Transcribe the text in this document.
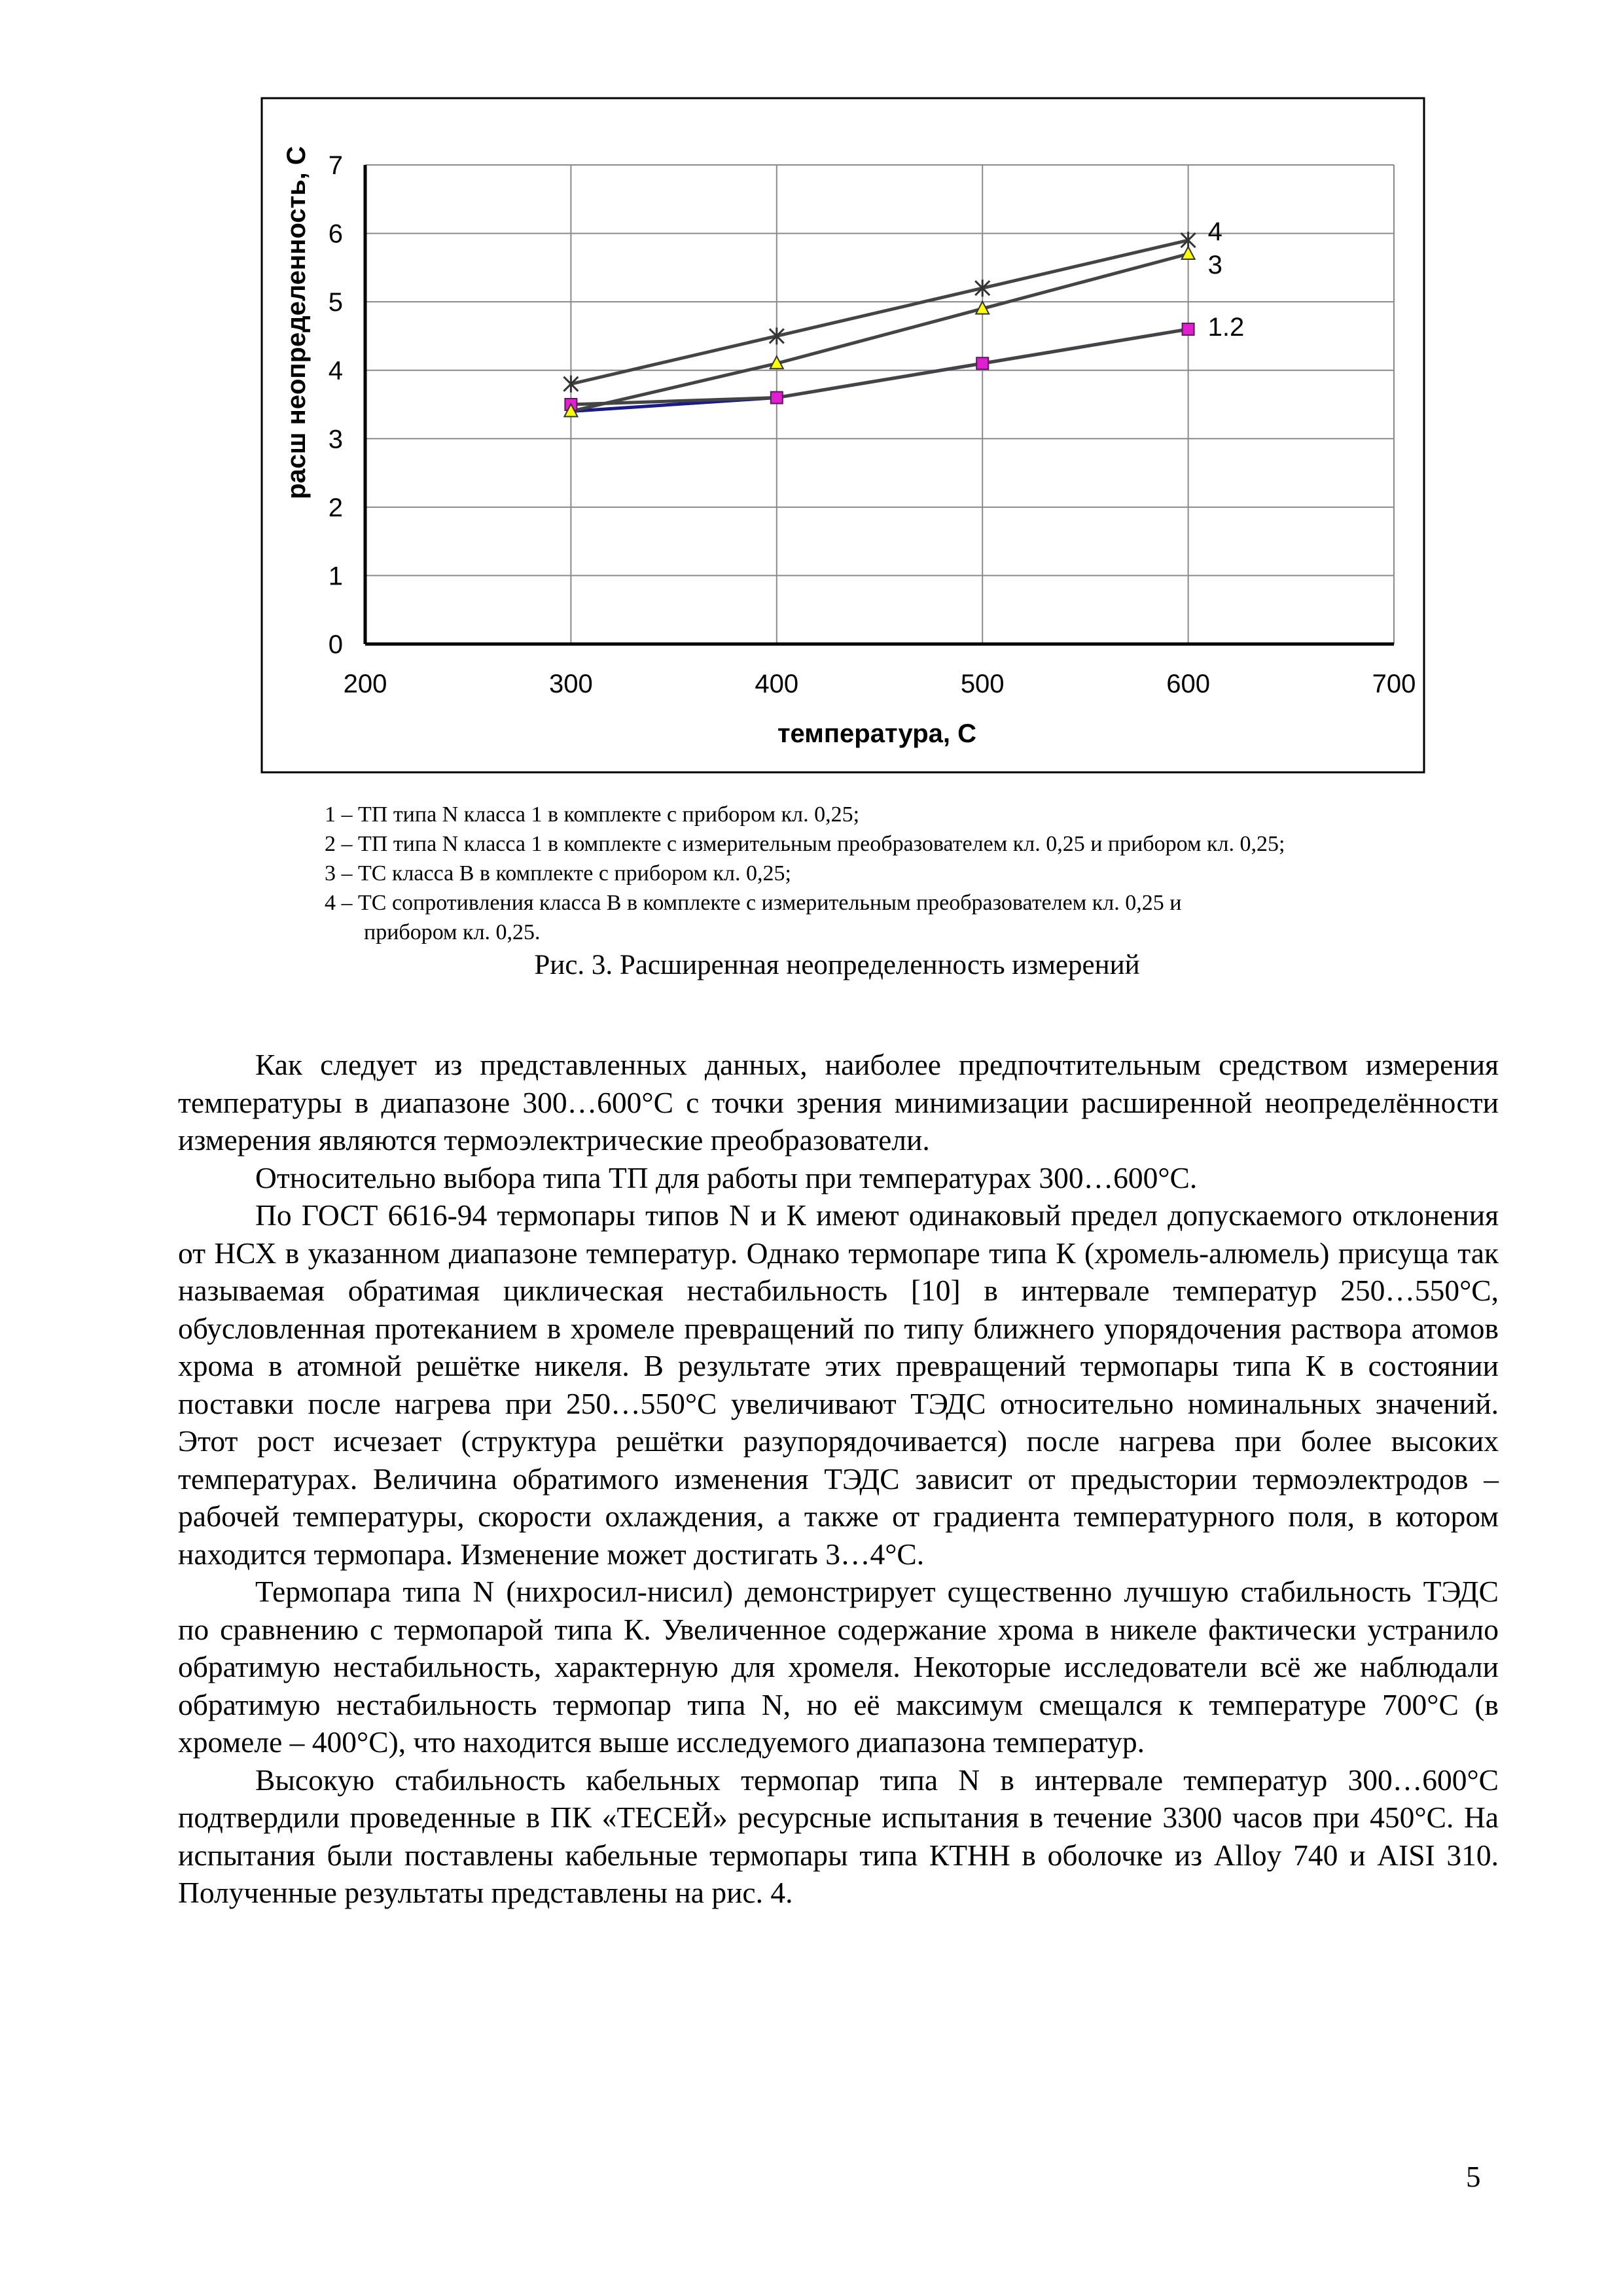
0
1
2
3
4
5
6
7
200	300	400	500	600	700
1.2
3
4
температура, С
расш неопределенность, С
1 – ТП типа N класса 1 в комплекте с прибором кл. 0,25;
2 – ТП типа N класса 1 в комплекте с измерительным преобразователем кл. 0,25 и прибором кл. 0,25;
3 – ТС класса В в комплекте с прибором кл. 0,25;
4 – ТС сопротивления класса В в комплекте с измерительным преобразователем кл. 0,25 и
прибором кл. 0,25.
Рис. 3. Расширенная неопределенность измерений

Как следует из представленных данных, наиболее предпочтительным средством измерения температуры в диапазоне 300…600°С с точки зрения минимизации расширенной неопределённости измерения являются термоэлектрические преобразователи.

Относительно выбора типа ТП для работы при температурах 300…600°С.

По ГОСТ 6616-94 термопары типов N и К имеют одинаковый предел допускаемого отклонения от НСХ в указанном диапазоне температур. Однако термопаре типа К (хромель-алюмель) присуща так называемая обратимая циклическая нестабильность [10] в интервале температур 250…550°С, обусловленная протеканием в хромеле превращений по типу ближнего упорядочения раствора атомов хрома в атомной решётке никеля. В результате этих превращений термопары типа К в состоянии поставки после нагрева при 250…550°С увеличивают ТЭДС относительно номинальных значений. Этот рост исчезает (структура решётки разупорядочивается) после нагрева при более высоких температурах. Величина обратимого изменения ТЭДС зависит от предыстории термоэлектродов – рабочей температуры, скорости охлаждения, а также от градиента температурного поля, в котором находится термопара. Изменение может достигать 3…4°С.

Термопара типа N (нихросил-нисил) демонстрирует существенно лучшую стабильность ТЭДС по сравнению с термопарой типа К. Увеличенное содержание хрома в никеле фактически устранило обратимую нестабильность, характерную для хромеля. Некоторые исследователи всё же наблюдали обратимую нестабильность термопар типа N, но её максимум смещался к температуре 700°С (в хромеле – 400°С), что находится выше исследуемого диапазона температур.

Высокую стабильность кабельных термопар типа N в интервале температур 300…600°С подтвердили проведенные в ПК «ТЕСЕЙ» ресурсные испытания в течение 3300 часов при 450°С. На испытания были поставлены кабельные термопары типа КТНН в оболочке из Alloy 740 и AISI 310. Полученные результаты представлены на рис. 4.

5
